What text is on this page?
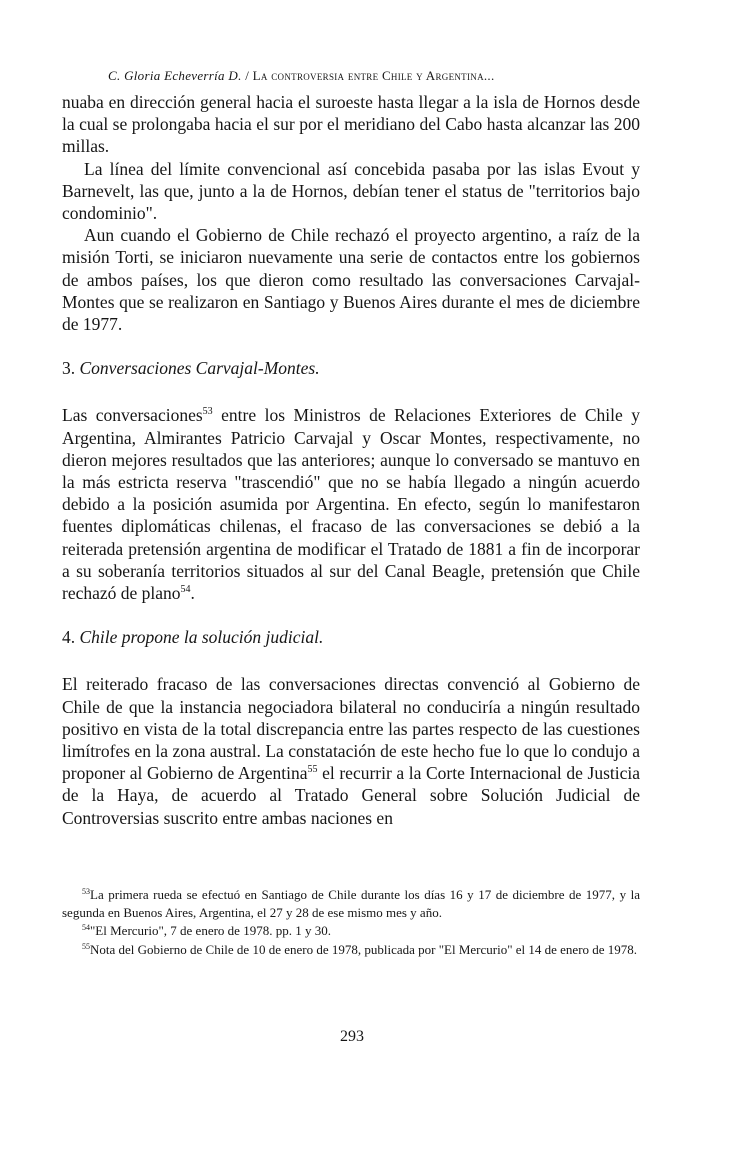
C. Gloria Echeverría D. / La controversia entre Chile y Argentina...

nuaba en dirección general hacia el suroeste hasta llegar a la isla de Hornos desde la cual se prolongaba hacia el sur por el meridiano del Cabo hasta alcanzar las 200 millas.

La línea del límite convencional así concebida pasaba por las islas Evout y Barnevelt, las que, junto a la de Hornos, debían tener el status de "territorios bajo condominio".

Aun cuando el Gobierno de Chile rechazó el proyecto argentino, a raíz de la misión Torti, se iniciaron nuevamente una serie de contactos entre los gobiernos de ambos países, los que dieron como resultado las conversaciones Carvajal-Montes que se realizaron en Santiago y Buenos Aires durante el mes de diciembre de 1977.

3. Conversaciones Carvajal-Montes.

Las conversaciones$^{53}$ entre los Ministros de Relaciones Exteriores de Chile y Argentina, Almirantes Patricio Carvajal y Oscar Montes, respectivamente, no dieron mejores resultados que las anteriores; aunque lo conversado se mantuvo en la más estricta reserva "trascendió" que no se había llegado a ningún acuerdo debido a la posición asumida por Argentina. En efecto, según lo manifestaron fuentes diplomáticas chilenas, el fracaso de las conversaciones se debió a la reiterada pretensión argentina de modificar el Tratado de 1881 a fin de incorporar a su soberanía territorios situados al sur del Canal Beagle, pretensión que Chile rechazó de plano$^{54}$.

4. Chile propone la solución judicial.

El reiterado fracaso de las conversaciones directas convenció al Gobierno de Chile de que la instancia negociadora bilateral no conduciría a ningún resultado positivo en vista de la total discrepancia entre las partes respecto de las cuestiones limítrofes en la zona austral. La constatación de este hecho fue lo que lo condujo a proponer al Gobierno de Argentina$^{55}$ el recurrir a la Corte Internacional de Justicia de la Haya, de acuerdo al Tratado General sobre Solución Judicial de Controversias suscrito entre ambas naciones en

$^{53}$La primera rueda se efectuó en Santiago de Chile durante los días 16 y 17 de diciembre de 1977, y la segunda en Buenos Aires, Argentina, el 27 y 28 de ese mismo mes y año.

$^{54}$"El Mercurio", 7 de enero de 1978. pp. 1 y 30.

$^{55}$Nota del Gobierno de Chile de 10 de enero de 1978, publicada por "El Mercurio" el 14 de enero de 1978.

293
